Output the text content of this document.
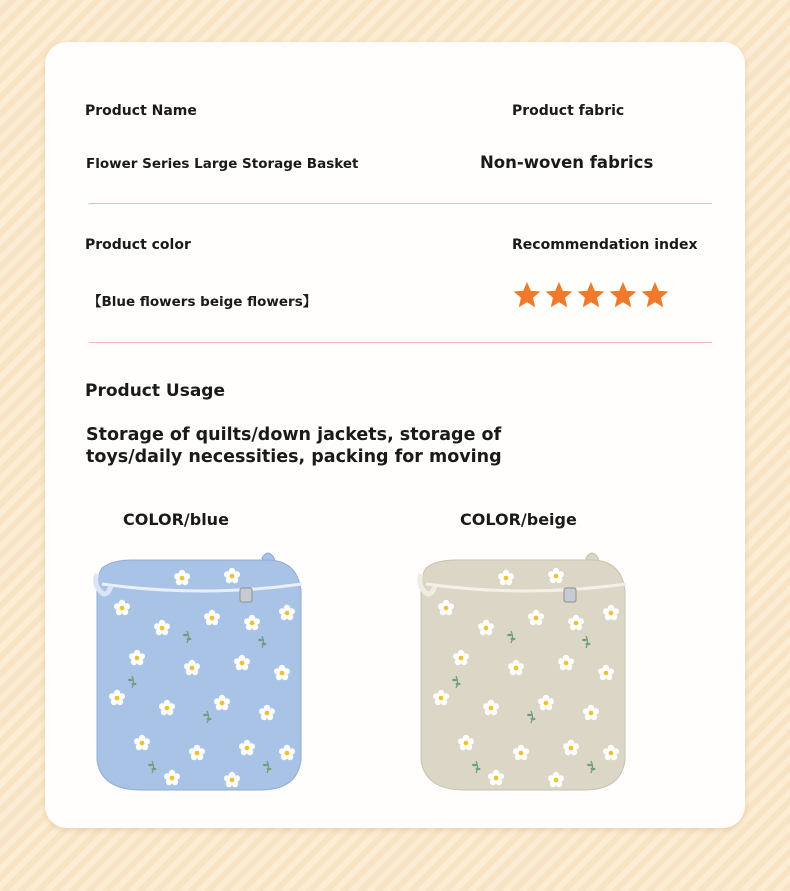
Product Name	Product fabric
Flower Series Large Storage Basket	Non-woven fabrics
Product color	Recommendation index
【Blue flowers beige flowers】
Product Usage
Storage of quilts/down jackets, storage of toys/daily necessities, packing for moving
COLOR/blue	COLOR/beige
